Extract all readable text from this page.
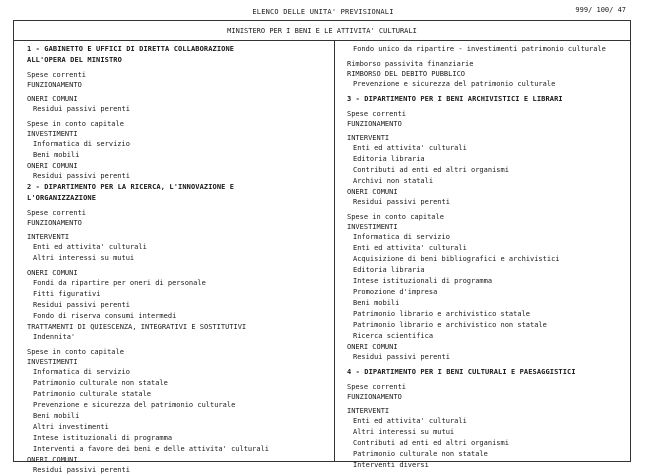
ELENCO DELLE UNITA' PREVISIONALI	999/ 100/ 47
MINISTERO PER I BENI E LE ATTIVITA' CULTURALI
1 - GABINETTO E UFFICI DI DIRETTA COLLABORAZIONE
ALL'OPERA DEL MINISTRO
Spese correnti
FUNZIONAMENTO
ONERI COMUNI
Residui passivi perenti
Spese in conto capitale
INVESTIMENTI
Informatica di servizio
Beni mobili
ONERI COMUNI
Residui passivi perenti
2 - DIPARTIMENTO PER LA RICERCA, L'INNOVAZIONE E
L'ORGANIZZAZIONE
Spese correnti
FUNZIONAMENTO
INTERVENTI
Enti ed attivita' culturali
Altri interessi su mutui
ONERI COMUNI
Fondi da ripartire per oneri di personale
Fitti figurativi
Residui passivi perenti
Fondo di riserva consumi intermedi
TRATTAMENTI DI QUIESCENZA, INTEGRATIVI E SOSTITUTIVI
Indennita'
Spese in conto capitale
INVESTIMENTI
Informatica di servizio
Patrimonio culturale non statale
Patrimonio culturale statale
Prevenzione e sicurezza del patrimonio culturale
Beni mobili
Altri investimenti
Intese istituzionali di programma
Interventi a favore dei beni e delle attivita' culturali
ONERI COMUNI
Residui passivi perenti
Fondo unico da ripartire - investimenti patrimonio culturale
Rimborso passivita finanziarie
RIMBORSO DEL DEBITO PUBBLICO
Prevenzione e sicurezza del patrimonio culturale
3 - DIPARTIMENTO PER I BENI ARCHIVISTICI E LIBRARI
Spese correnti
FUNZIONAMENTO
INTERVENTI
Enti ed attivita' culturali
Editoria libraria
Contributi ad enti ed altri organismi
Archivi non statali
ONERI COMUNI
Residui passivi perenti
Spese in conto capitale
INVESTIMENTI
Informatica di servizio
Enti ed attivita' culturali
Acquisizione di beni bibliografici e archivistici
Editoria libraria
Intese istituzionali di programma
Promozione d'impresa
Beni mobili
Patrimonio librario e archivistico statale
Patrimonio librario e archivistico non statale
Ricerca scientifica
ONERI COMUNI
Residui passivi perenti
4 - DIPARTIMENTO PER I BENI CULTURALI E PAESAGGISTICI
Spese correnti
FUNZIONAMENTO
INTERVENTI
Enti ed attivita' culturali
Altri interessi su mutui
Contributi ad enti ed altri organismi
Patrimonio culturale non statale
Interventi diversi
